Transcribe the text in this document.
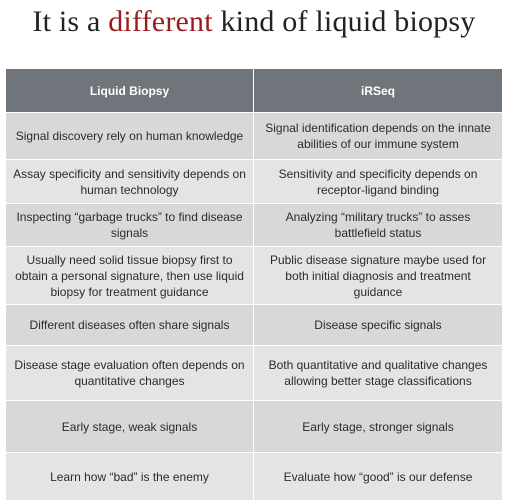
It is a different kind of liquid biopsy
Liquid Biopsy	iRSeq
Signal discovery rely on human knowledge	Signal identification depends on the innate abilities of our immune system
Assay specificity and sensitivity depends on human technology	Sensitivity and specificity depends on receptor-ligand binding
Inspecting “garbage trucks” to find disease signals	Analyzing “military trucks” to asses battlefield status
Usually need solid tissue biopsy first to obtain a personal signature, then use liquid biopsy for treatment guidance	Public disease signature maybe used for both initial diagnosis and treatment guidance
Different diseases often share signals	Disease specific signals
Disease stage evaluation often depends on quantitative changes	Both quantitative and qualitative changes allowing better stage classifications
Early stage, weak signals	Early stage, stronger signals
Learn how “bad” is the enemy	Evaluate how “good” is our defense
